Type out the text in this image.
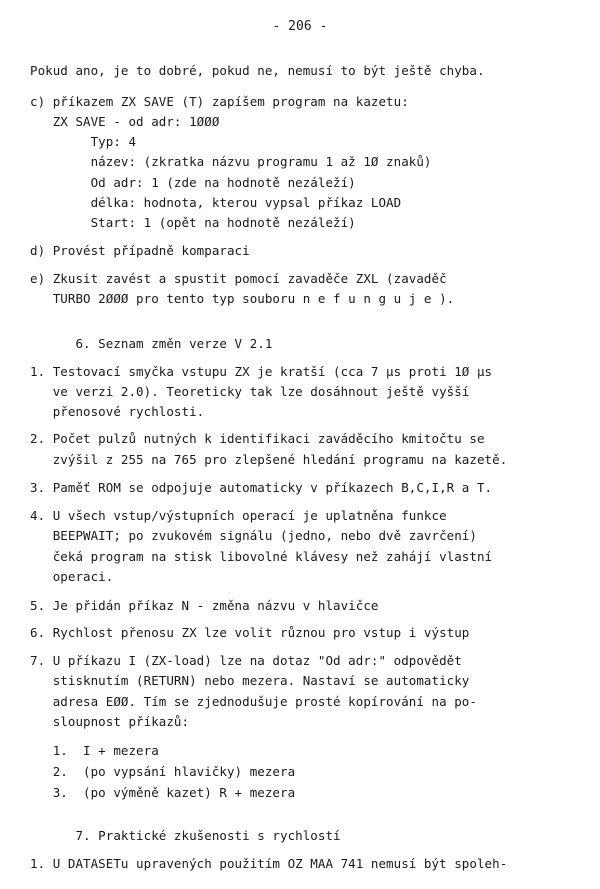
- 206 -
Pokud ano, je to dobré, pokud ne, nemusí to být ještě chyba.
c) příkazem ZX SAVE (T) zapíšem program na kazetu:
ZX SAVE - od adr: 1ØØØ
Typ: 4
název: (zkratka názvu programu 1 až 1Ø znaků)
Od adr: 1 (zde na hodnotě nezáleží)
délka: hodnota, kterou vypsal příkaz LOAD
Start: 1 (opět na hodnotě nezáleží)
d) Provést případně komparaci
e) Zkusit zavést a spustit pomocí zavaděče ZXL (zavaděč
TURBO 2ØØØ pro tento typ souboru n e f u n g u j e ).
6. Seznam změn verze V 2.1
1. Testovací smyčka vstupu ZX je kratší (cca 7 µs proti 1Ø µs
ve verzi 2.0). Teoreticky tak lze dosáhnout ještě vyšší
přenosové rychlosti.
2. Počet pulzů nutných k identifikaci zaváděcího kmitočtu se
zvýšil z 255 na 765 pro zlepšené hledání programu na kazetě.
3. Paměť ROM se odpojuje automaticky v příkazech B,C,I,R a T.
4. U všech vstup/výstupních operací je uplatněna funkce
BEEPWAIT; po zvukovém signálu (jedno, nebo dvě zavrčení)
čeká program na stisk libovolné klávesy než zahájí vlastní
operaci.
5. Je přidán příkaz N - změna názvu v hlavičce
6. Rychlost přenosu ZX lze volit různou pro vstup i výstup
7. U příkazu I (ZX-load) lze na dotaz "Od adr:" odpovědět
stisknutím (RETURN) nebo mezera. Nastaví se automaticky
adresa EØØ. Tím se zjednodušuje prosté kopírování na po-
sloupnost příkazů:
1.  I + mezera
2.  (po vypsání hlavičky) mezera
3.  (po výměně kazet) R + mezera
7. Praktické zkušenosti s rychlostí
1. U DATASETu upravených použitím OZ MAA 741 nemusí být spoleh-
